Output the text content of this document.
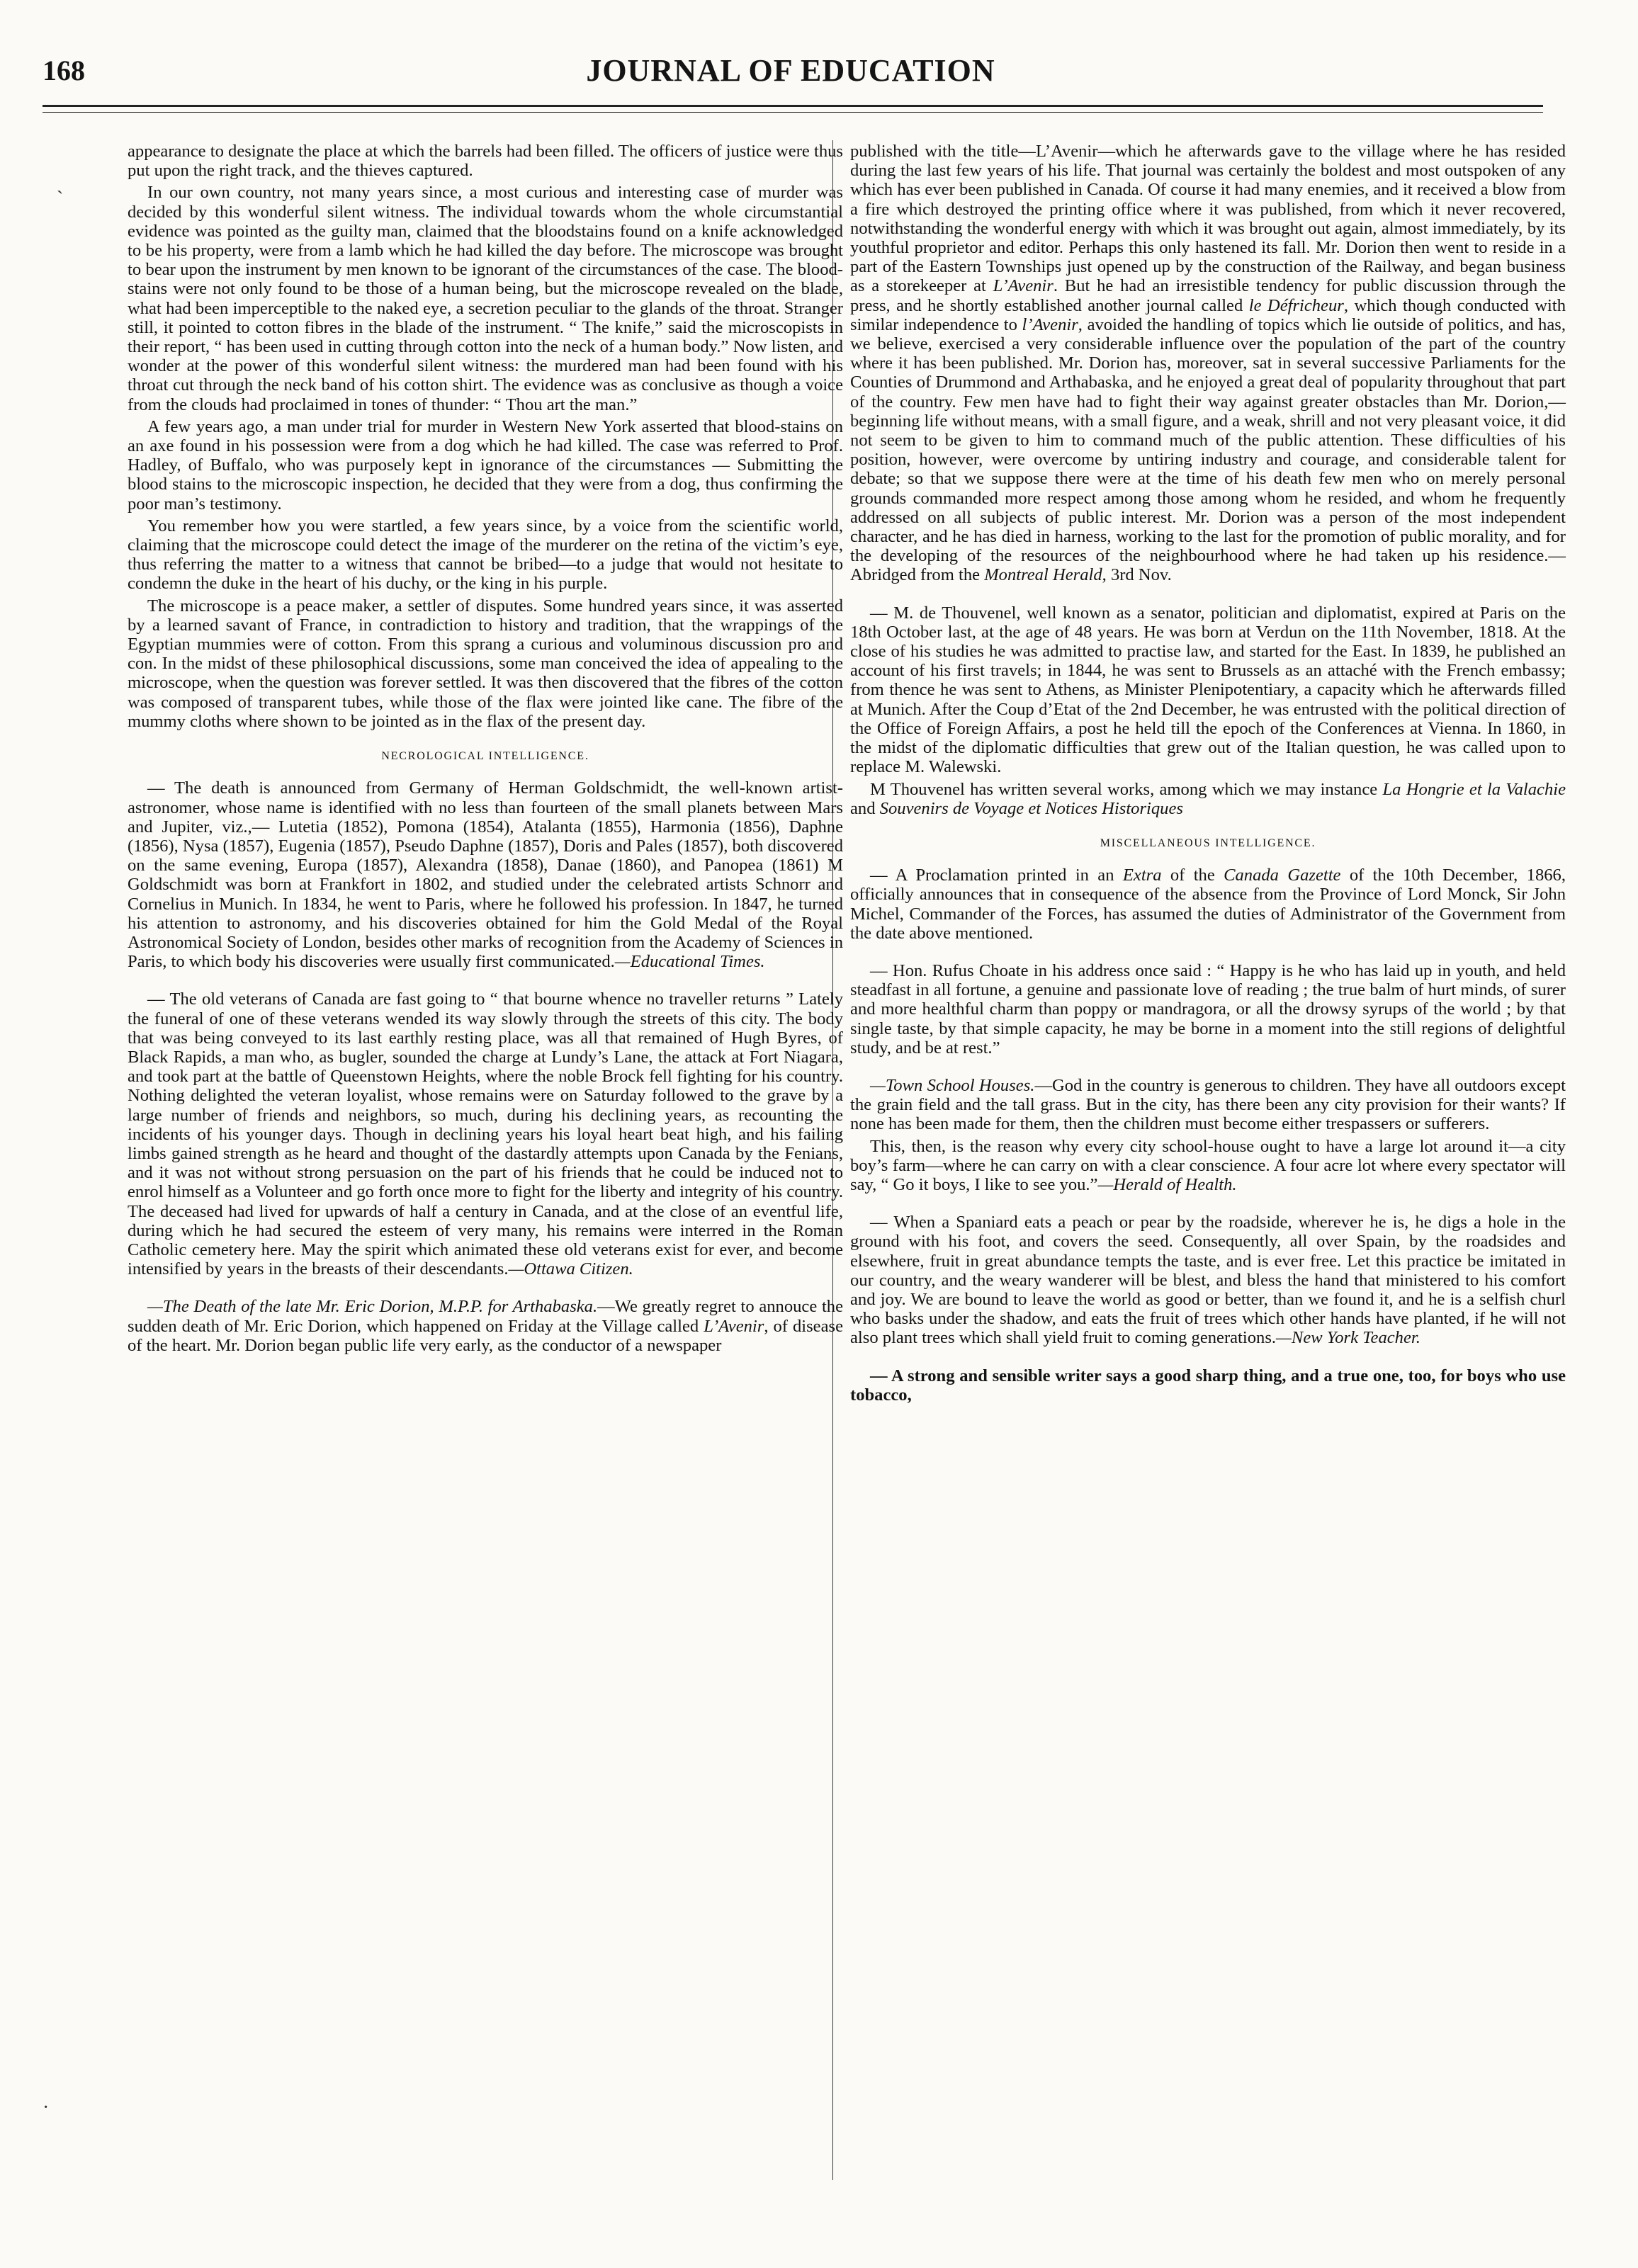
168	JOURNAL OF EDUCATION
`
·

appearance to designate the place at which the barrels had been filled. The officers of justice were thus put upon the right track, and the thieves captured.

In our own country, not many years since, a most curious and interesting case of murder was decided by this wonderful silent witness. The individual towards whom the whole circumstantial evidence was pointed as the guilty man, claimed that the bloodstains found on a knife acknowledged to be his property, were from a lamb which he had killed the day before. The microscope was brought to bear upon the instrument by men known to be ignorant of the circumstances of the case. The blood-stains were not only found to be those of a human being, but the microscope revealed on the blade, what had been imperceptible to the naked eye, a secretion peculiar to the glands of the throat. Stranger still, it pointed to cotton fibres in the blade of the instrument. “ The knife,” said the microscopists in their report, “ has been used in cutting through cotton into the neck of a human body.” Now listen, and wonder at the power of this wonderful silent witness: the murdered man had been found with his throat cut through the neck band of his cotton shirt. The evidence was as conclusive as though a voice from the clouds had proclaimed in tones of thunder: “ Thou art the man.”

A few years ago, a man under trial for murder in Western New York asserted that blood-stains on an axe found in his possession were from a dog which he had killed. The case was referred to Prof. Hadley, of Buffalo, who was purposely kept in ignorance of the circumstances — Submitting the blood stains to the microscopic inspection, he decided that they were from a dog, thus confirming the poor man’s testimony.

You remember how you were startled, a few years since, by a voice from the scientific world, claiming that the microscope could detect the image of the murderer on the retina of the victim’s eye, thus referring the matter to a witness that cannot be bribed—to a judge that would not hesitate to condemn the duke in the heart of his duchy, or the king in his purple.

The microscope is a peace maker, a settler of disputes. Some hundred years since, it was asserted by a learned savant of France, in contradiction to history and tradition, that the wrappings of the Egyptian mummies were of cotton. From this sprang a curious and voluminous discussion pro and con. In the midst of these philosophical discussions, some man conceived the idea of appealing to the microscope, when the question was forever settled. It was then discovered that the fibres of the cotton was composed of transparent tubes, while those of the flax were jointed like cane. The fibre of the mummy cloths where shown to be jointed as in the flax of the present day.

NECROLOGICAL INTELLIGENCE.

— The death is announced from Germany of Herman Goldschmidt, the well-known artist-astronomer, whose name is identified with no less than fourteen of the small planets between Mars and Jupiter, viz.,— Lutetia (1852), Pomona (1854), Atalanta (1855), Harmonia (1856), Daphne (1856), Nysa (1857), Eugenia (1857), Pseudo Daphne (1857), Doris and Pales (1857), both discovered on the same evening, Europa (1857), Alexandra (1858), Danae (1860), and Panopea (1861) M Goldschmidt was born at Frankfort in 1802, and studied under the celebrated artists Schnorr and Cornelius in Munich. In 1834, he went to Paris, where he followed his profession. In 1847, he turned his attention to astronomy, and his discoveries obtained for him the Gold Medal of the Royal Astronomical Society of London, besides other marks of recognition from the Academy of Sciences in Paris, to which body his discoveries were usually first communicated.—Educational Times.

— The old veterans of Canada are fast going to “ that bourne whence no traveller returns ” Lately the funeral of one of these veterans wended its way slowly through the streets of this city. The body that was being conveyed to its last earthly resting place, was all that remained of Hugh Byres, of Black Rapids, a man who, as bugler, sounded the charge at Lundy’s Lane, the attack at Fort Niagara, and took part at the battle of Queenstown Heights, where the noble Brock fell fighting for his country. Nothing delighted the veteran loyalist, whose remains were on Saturday followed to the grave by a large number of friends and neighbors, so much, during his declining years, as recounting the incidents of his younger days. Though in declining years his loyal heart beat high, and his failing limbs gained strength as he heard and thought of the dastardly attempts upon Canada by the Fenians, and it was not without strong persuasion on the part of his friends that he could be induced not to enrol himself as a Volunteer and go forth once more to fight for the liberty and integrity of his country. The deceased had lived for upwards of half a century in Canada, and at the close of an eventful life, during which he had secured the esteem of very many, his remains were interred in the Roman Catholic cemetery here. May the spirit which animated these old veterans exist for ever, and become intensified by years in the breasts of their descendants.—Ottawa Citizen.

—The Death of the late Mr. Eric Dorion, M.P.P. for Arthabaska.—We greatly regret to annouce the sudden death of Mr. Eric Dorion, which happened on Friday at the Village called L’Avenir, of disease of the heart. Mr. Dorion began public life very early, as the conductor of a newspaper

published with the title—L’Avenir—which he afterwards gave to the village where he has resided during the last few years of his life. That journal was certainly the boldest and most outspoken of any which has ever been published in Canada. Of course it had many enemies, and it received a blow from a fire which destroyed the printing office where it was published, from which it never recovered, notwithstanding the wonderful energy with which it was brought out again, almost immediately, by its youthful proprietor and editor. Perhaps this only hastened its fall. Mr. Dorion then went to reside in a part of the Eastern Townships just opened up by the construction of the Railway, and began business as a storekeeper at L’Avenir. But he had an irresistible tendency for public discussion through the press, and he shortly established another journal called le Défricheur, which though conducted with similar independence to l’Avenir, avoided the handling of topics which lie outside of politics, and has, we believe, exercised a very considerable influence over the population of the part of the country where it has been published. Mr. Dorion has, moreover, sat in several successive Parliaments for the Counties of Drummond and Arthabaska, and he enjoyed a great deal of popularity throughout that part of the country. Few men have had to fight their way against greater obstacles than Mr. Dorion,—beginning life without means, with a small figure, and a weak, shrill and not very pleasant voice, it did not seem to be given to him to command much of the public attention. These difficulties of his position, however, were overcome by untiring industry and courage, and considerable talent for debate; so that we suppose there were at the time of his death few men who on merely personal grounds commanded more respect among those among whom he resided, and whom he frequently addressed on all subjects of public interest. Mr. Dorion was a person of the most independent character, and he has died in harness, working to the last for the promotion of public morality, and for the developing of the resources of the neighbourhood where he had taken up his residence.—Abridged from the Montreal Herald, 3rd Nov.

— M. de Thouvenel, well known as a senator, politician and diplomatist, expired at Paris on the 18th October last, at the age of 48 years. He was born at Verdun on the 11th November, 1818. At the close of his studies he was admitted to practise law, and started for the East. In 1839, he published an account of his first travels; in 1844, he was sent to Brussels as an attaché with the French embassy; from thence he was sent to Athens, as Minister Plenipotentiary, a capacity which he afterwards filled at Munich. After the Coup d’Etat of the 2nd December, he was entrusted with the political direction of the Office of Foreign Affairs, a post he held till the epoch of the Conferences at Vienna. In 1860, in the midst of the diplomatic difficulties that grew out of the Italian question, he was called upon to replace M. Walewski.

M Thouvenel has written several works, among which we may instance La Hongrie et la Valachie and Souvenirs de Voyage et Notices Historiques

MISCELLANEOUS INTELLIGENCE.

— A Proclamation printed in an Extra of the Canada Gazette of the 10th December, 1866, officially announces that in consequence of the absence from the Province of Lord Monck, Sir John Michel, Commander of the Forces, has assumed the duties of Administrator of the Government from the date above mentioned.

— Hon. Rufus Choate in his address once said : “ Happy is he who has laid up in youth, and held steadfast in all fortune, a genuine and passionate love of reading ; the true balm of hurt minds, of surer and more healthful charm than poppy or mandragora, or all the drowsy syrups of the world ; by that single taste, by that simple capacity, he may be borne in a moment into the still regions of delightful study, and be at rest.”

—Town School Houses.—God in the country is generous to children. They have all outdoors except the grain field and the tall grass. But in the city, has there been any city provision for their wants? If none has been made for them, then the children must become either trespassers or sufferers.

This, then, is the reason why every city school-house ought to have a large lot around it—a city boy’s farm—where he can carry on with a clear conscience. A four acre lot where every spectator will say, “ Go it boys, I like to see you.”—Herald of Health.

— When a Spaniard eats a peach or pear by the roadside, wherever he is, he digs a hole in the ground with his foot, and covers the seed. Consequently, all over Spain, by the roadsides and elsewhere, fruit in great abundance tempts the taste, and is ever free. Let this practice be imitated in our country, and the weary wanderer will be blest, and bless the hand that ministered to his comfort and joy. We are bound to leave the world as good or better, than we found it, and he is a selfish churl who basks under the shadow, and eats the fruit of trees which other hands have planted, if he will not also plant trees which shall yield fruit to coming generations.—New York Teacher.

— A strong and sensible writer says a good sharp thing, and a true one, too, for boys who use tobacco,
